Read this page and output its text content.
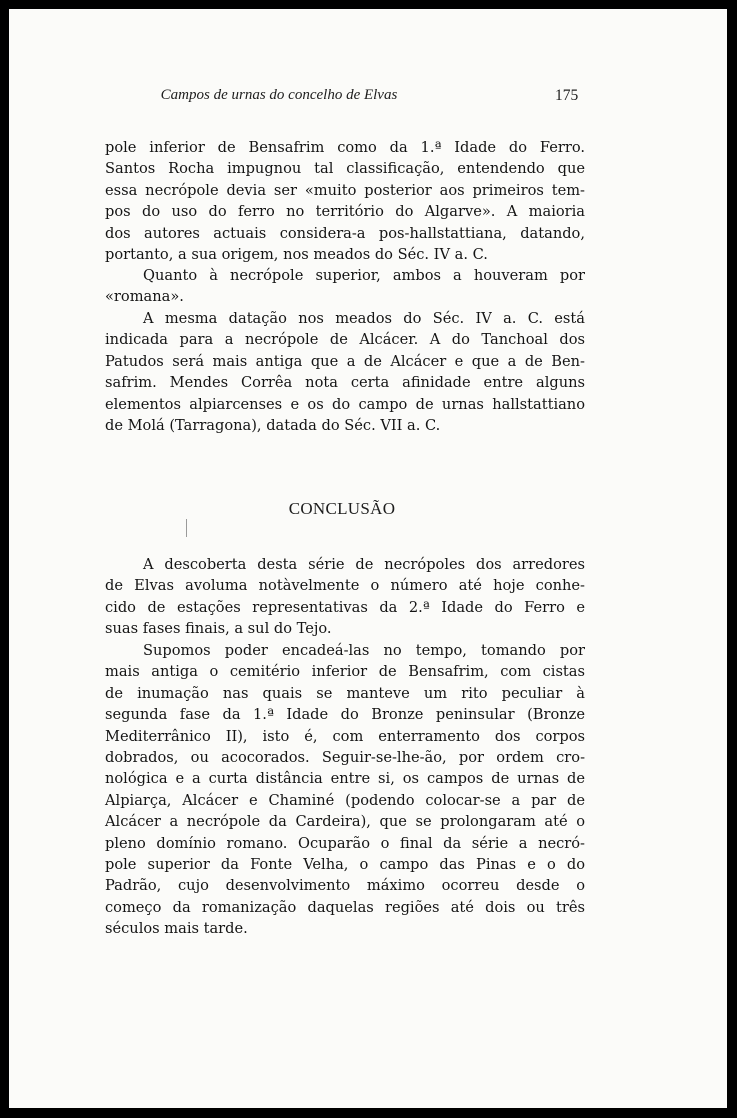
Campos de urnas do concelho de Elvas	175

pole inferior de Bensafrim como da 1.ª Idade do Ferro.
Santos Rocha impugnou tal classificação, entendendo que
essa necrópole devia ser «muito posterior aos primeiros tem-
pos do uso do ferro no território do Algarve». A maioria
dos autores actuais considera-a pos-hallstattiana, datando,
portanto, a sua origem, nos meados do Séc. IV a. C.

Quanto à necrópole superior, ambos a houveram por
«romana».

A mesma datação nos meados do Séc. IV a. C. está
indicada para a necrópole de Alcácer. A do Tanchoal dos
Patudos será mais antiga que a de Alcácer e que a de Ben-
safrim. Mendes Corrêa nota certa afinidade entre alguns
elementos alpiarcenses e os do campo de urnas hallstattiano
de Molá (Tarragona), datada do Séc. VII a. C.

CONCLUSÃO

A descoberta desta série de necrópoles dos arredores
de Elvas avoluma notàvelmente o número até hoje conhe-
cido de estações representativas da 2.ª Idade do Ferro e
suas fases finais, a sul do Tejo.

Supomos poder encadeá-las no tempo, tomando por
mais antiga o cemitério inferior de Bensafrim, com cistas
de inumação nas quais se manteve um rito peculiar à
segunda fase da 1.ª Idade do Bronze peninsular (Bronze
Mediterrânico II), isto é, com enterramento dos corpos
dobrados, ou acocorados. Seguir-se-lhe-ão, por ordem cro-
nológica e a curta distância entre si, os campos de urnas de
Alpiarça, Alcácer e Chaminé (podendo colocar-se a par de
Alcácer a necrópole da Cardeira), que se prolongaram até o
pleno domínio romano. Ocuparão o final da série a necró-
pole superior da Fonte Velha, o campo das Pinas e o do
Padrão, cujo desenvolvimento máximo ocorreu desde o
começo da romanização daquelas regiões até dois ou três
séculos mais tarde.
